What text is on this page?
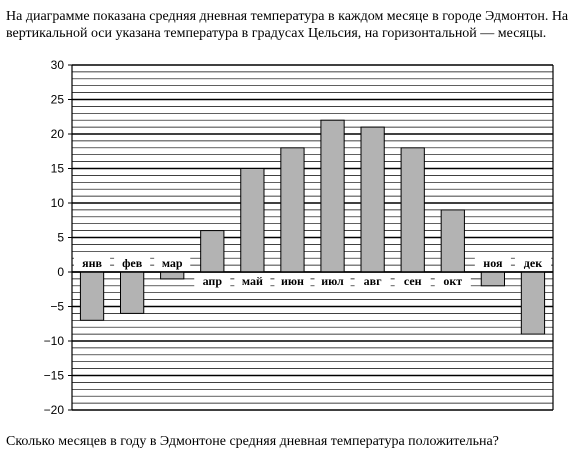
На диаграмме показана средняя дневная температура в каждом месяце в городе Эдмонтон. На вертикальной оси указана температура в градусах Цельсия, на горизонтальной — месяцы.

30
25
20
15
10
5
0
−5
−10
−15
−20
янв фев мар
апр май июн июл авг сен окт
ноя дек

Сколько месяцев в году в Эдмонтоне средняя дневная температура положительна?
